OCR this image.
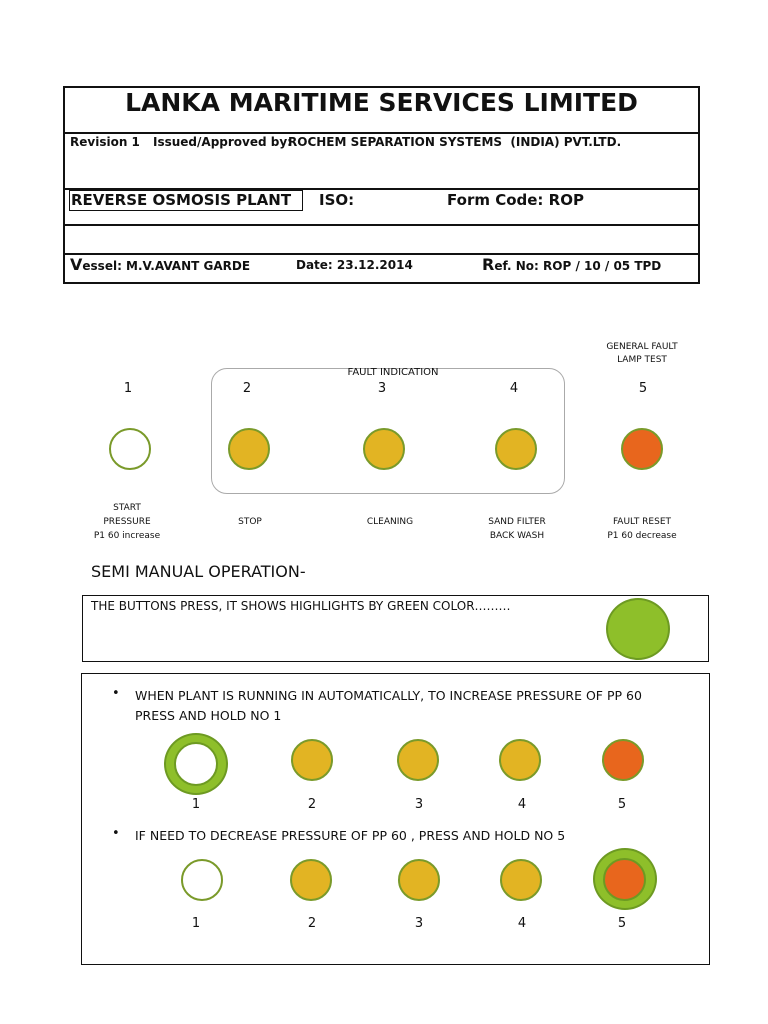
LANKA MARITIME SERVICES LIMITED
Revision 1 Issued/Approved by:
ROCHEM SEPARATION SYSTEMS  (INDIA) PVT.LTD.
REVERSE OSMOSIS PLANT ISO:	Form Code: ROP
Vessel: M.V.AVANT GARDE	Date: 23.12.2014	Ref. No: ROP / 10 / 05 TPD
FAULT INDICATION
GENERAL FAULT
LAMP TEST
1	2	3	4	5
START
PRESSURE
P1 60 increase
STOP	CLEANING	SAND FILTER
BACK WASH
FAULT RESET
P1 60 decrease
SEMI MANUAL OPERATION-
THE BUTTONS PRESS, IT SHOWS HIGHLIGHTS BY GREEN COLOR………
• WHEN PLANT IS RUNNING IN AUTOMATICALLY, TO INCREASE PRESSURE OF PP 60
PRESS AND HOLD NO 1
1	2	3	4	5
• IF NEED TO DECREASE PRESSURE OF PP 60 , PRESS AND HOLD NO 5
1	2	3	4	5
